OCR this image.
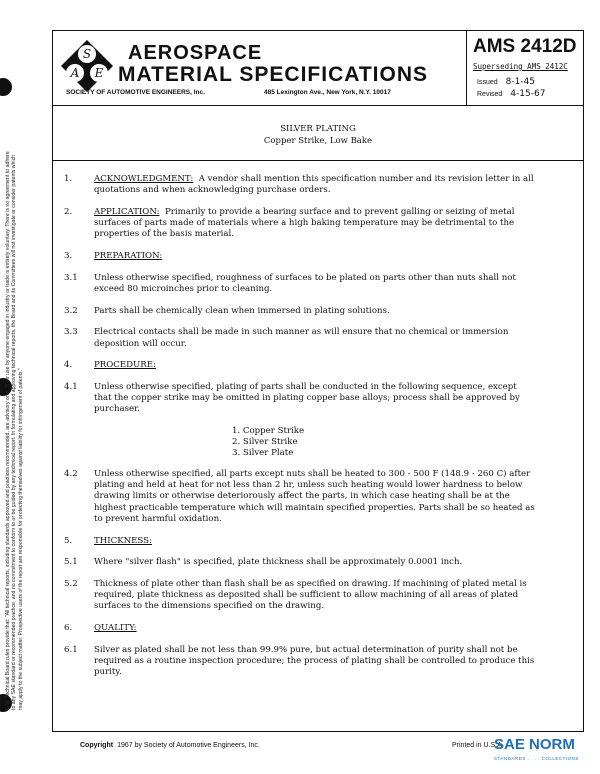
SAE Technical Board rules provide that: "All technical reports, including standards approved and practices recommended, are advisory only. Their use by anyone engaged in industry or trade is entirely voluntary. There is no agreement to adhere to any SAE standard or recommended practice, and no commitment to conform to or be guided by any technical report. In formulating and approving technical reports, the Board and its Committees will not investigate or consider patents which may apply to the subject matter. Prospective users of the report are responsible for protecting themselves against liability for infringement of patents."
S
A E
AEROSPACE
MATERIAL SPECIFICATIONS
SOCIETY OF AUTOMOTIVE ENGINEERS, Inc.	485 Lexington Ave., New York, N.Y. 10017
AMS 2412D
Superseding AMS 2412C
Issued 8-1-45
Revised 4-15-67
SILVER PLATING
Copper Strike, Low Bake
1.	ACKNOWLEDGMENT: A vendor shall mention this specification number and its revision letter in all quotations and when acknowledging purchase orders.
2.	APPLICATION: Primarily to provide a bearing surface and to prevent galling or seizing of metal surfaces of parts made of materials where a high baking temperature may be detrimental to the properties of the basis material.
3.	PREPARATION:
3.1	Unless otherwise specified, roughness of surfaces to be plated on parts other than nuts shall not exceed 80 microinches prior to cleaning.
3.2	Parts shall be chemically clean when immersed in plating solutions.
3.3	Electrical contacts shall be made in such manner as will ensure that no chemical or immersion deposition will occur.
4.	PROCEDURE:
4.1	Unless otherwise specified, plating of parts shall be conducted in the following sequence, except that the copper strike may be omitted in plating copper base alloys; process shall be approved by purchaser.
1. Copper Strike
2. Silver Strike
3. Silver Plate
4.2	Unless otherwise specified, all parts except nuts shall be heated to 300 - 500 F (148.9 - 260 C) after plating and held at heat for not less than 2 hr, unless such heating would lower hardness to below drawing limits or otherwise deteriorously affect the parts, in which case heating shall be at the highest practicable temperature which will maintain specified properties. Parts shall be so heated as to prevent harmful oxidation.
5.	THICKNESS:
5.1	Where "silver flash" is specified, plate thickness shall be approximately 0.0001 inch.
5.2	Thickness of plate other than flash shall be as specified on drawing. If machining of plated metal is required, plate thickness as deposited shall be sufficient to allow machining of all areas of plated surfaces to the dimensions specified on the drawing.
6.	QUALITY:
6.1	Silver as plated shall be not less than 99.9% pure, but actual determination of purity shall not be required as a routine inspection procedure; the process of plating shall be controlled to produce this purity.
Copyright 1967 by Society of Automotive Engineers, Inc.	Printed in U.S.A.
SAE NORM
STANDARDS . . . . COLLECTIONS
